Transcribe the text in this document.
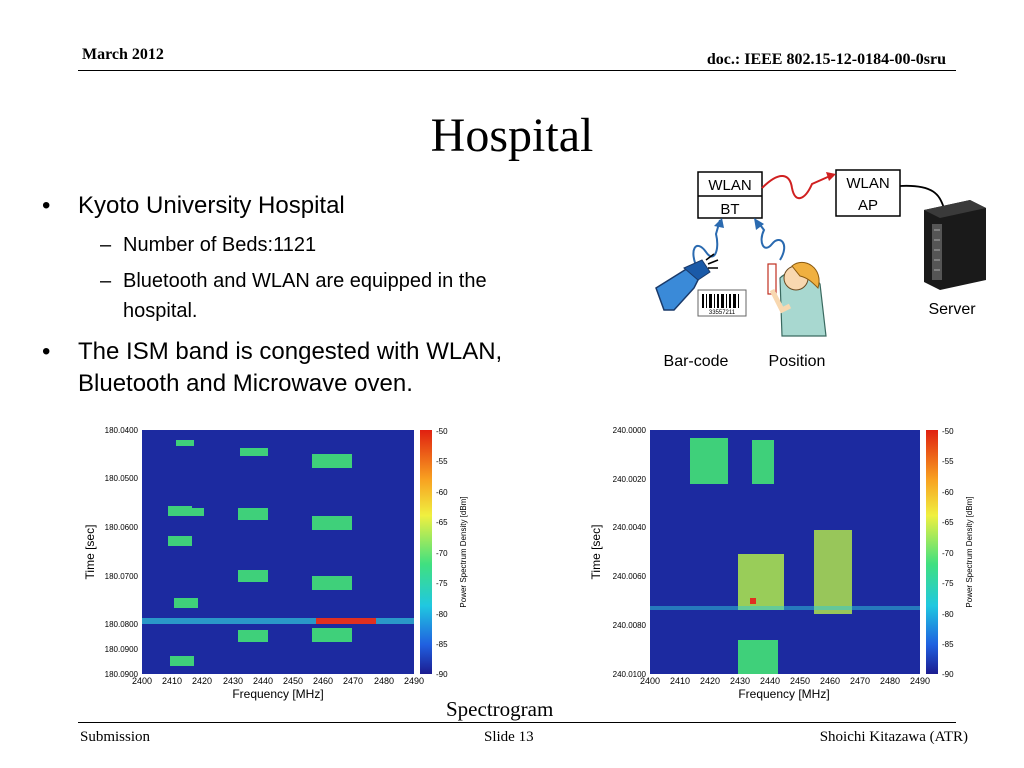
March 2012	doc.: IEEE 802.15-12-0184-00-0sru
Hospital
• Kyoto University Hospital
– Number of Beds:1121
– Bluetooth and WLAN are equipped in the
hospital.
• The ISM band is congested with WLAN,
Bluetooth and Microwave oven.
WLAN
BT
WLAN
AP
Server
33557211
Bar-code	Position
180.0400
180.0500
180.0600
180.0700
180.0800
180.0900
180.0900
2400 2410 2420 2430 2440 2450 2460 2470 2480 2490
Frequency [MHz]
Time [sec]
-50
-55
-60
-65
-70
-75
-80
-85
-90
Power Spectrum Density [dBm]
240.0000
240.0020
240.0040
240.0060
240.0080
240.0100
2400 2410 2420 2430 2440 2450 2460 2470 2480 2490
Frequency [MHz]
Time [sec]
-50
-55
-60
-65
-70
-75
-80
-85
-90
Power Spectrum Density [dBm]
Spectrogram
Submission	Slide 13	Shoichi Kitazawa (ATR)
